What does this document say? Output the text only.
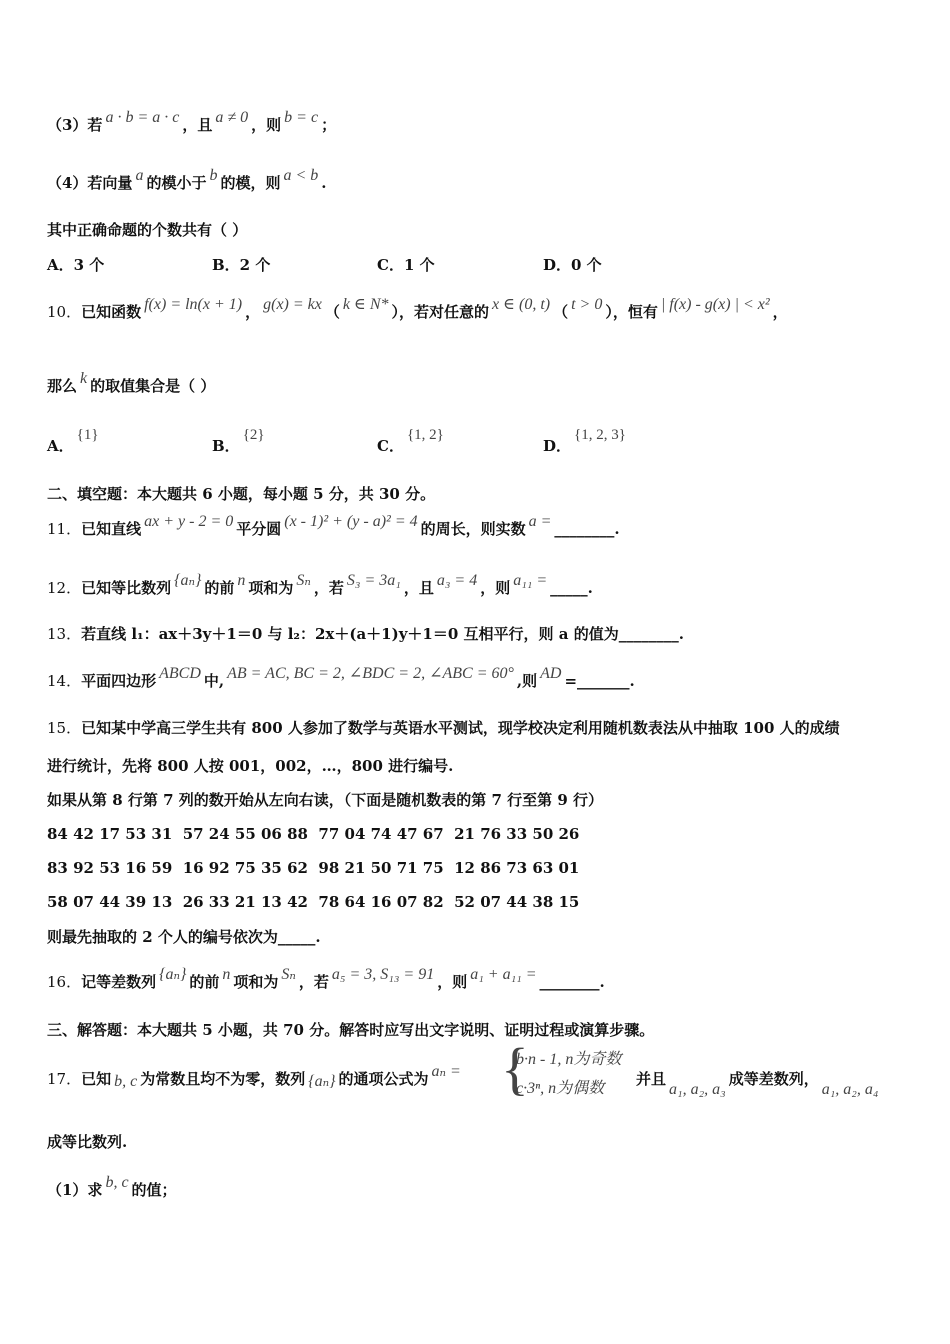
（3）若 a · b = a · c ，且 a ≠ 0 ，则 b = c ；
（4）若向量 a 的模小于 b 的模，则 a < b .
其中正确命题的个数共有（ ）
A．3 个	B．2 个	C．1 个	D．0 个
10．已知函数 f(x) = ln(x + 1) ， g(x) = kx （ k ∈ N* ），若对任意的 x ∈ (0, t) （ t > 0 ），恒有 | f(x) - g(x) | < x² ，
那么 k 的取值集合是（ ）
A．{1}
B．{2}
C．{1, 2}
D．{1, 2, 3}
二、填空题：本大题共 6 小题，每小题 5 分，共 30 分。
11．已知直线 ax + y - 2 = 0 平分圆 (x - 1)² + (y - a)² = 4 的周长，则实数 a = ________.
12．已知等比数列 {aₙ} 的前 n 项和为 Sₙ ，若 S₃ = 3a₁ ，且 a₃ = 4 ，则 a₁₁ = _____.
13．若直线 l₁：ax＋3y＋1＝0 与 l₂：2x＋(a＋1)y＋1＝0 互相平行，则 a 的值为________.
14．平面四边形 ABCD 中, AB = AC, BC = 2, ∠BDC = 2, ∠ABC = 60° ,则 AD =_______.
15．已知某中学高三学生共有 800 人参加了数学与英语水平测试，现学校决定利用随机数表法从中抽取 100 人的成绩
进行统计，先将 800 人按 001，002，…，800 进行编号.
如果从第 8 行第 7 列的数开始从左向右读，（下面是随机数表的第 7 行至第 9 行）
84 42 17 53 31  57 24 55 06 88  77 04 74 47 67  21 76 33 50 26
83 92 53 16 59  16 92 75 35 62  98 21 50 71 75  12 86 73 63 01
58 07 44 39 13  26 33 21 13 42  78 64 16 07 82  52 07 44 38 15
则最先抽取的 2 个人的编号依次为_____.
16．记等差数列 {aₙ} 的前 n 项和为 Sₙ ，若 a₅ = 3, S₁₃ = 91 ，则 a₁ + a₁₁ = ________.
三、解答题：本大题共 5 小题，共 70 分。解答时应写出文字说明、证明过程或演算步骤。
17．已知 b, c 为常数且均不为零，数列 {aₙ} 的通项公式为 aₙ = {
b·n - 1, n为奇数
c·3ⁿ, n为偶数
并且a₁, a₂, a₃成等差数列，a₁, a₂, a₄
成等比数列.
（1）求 b, c 的值；
